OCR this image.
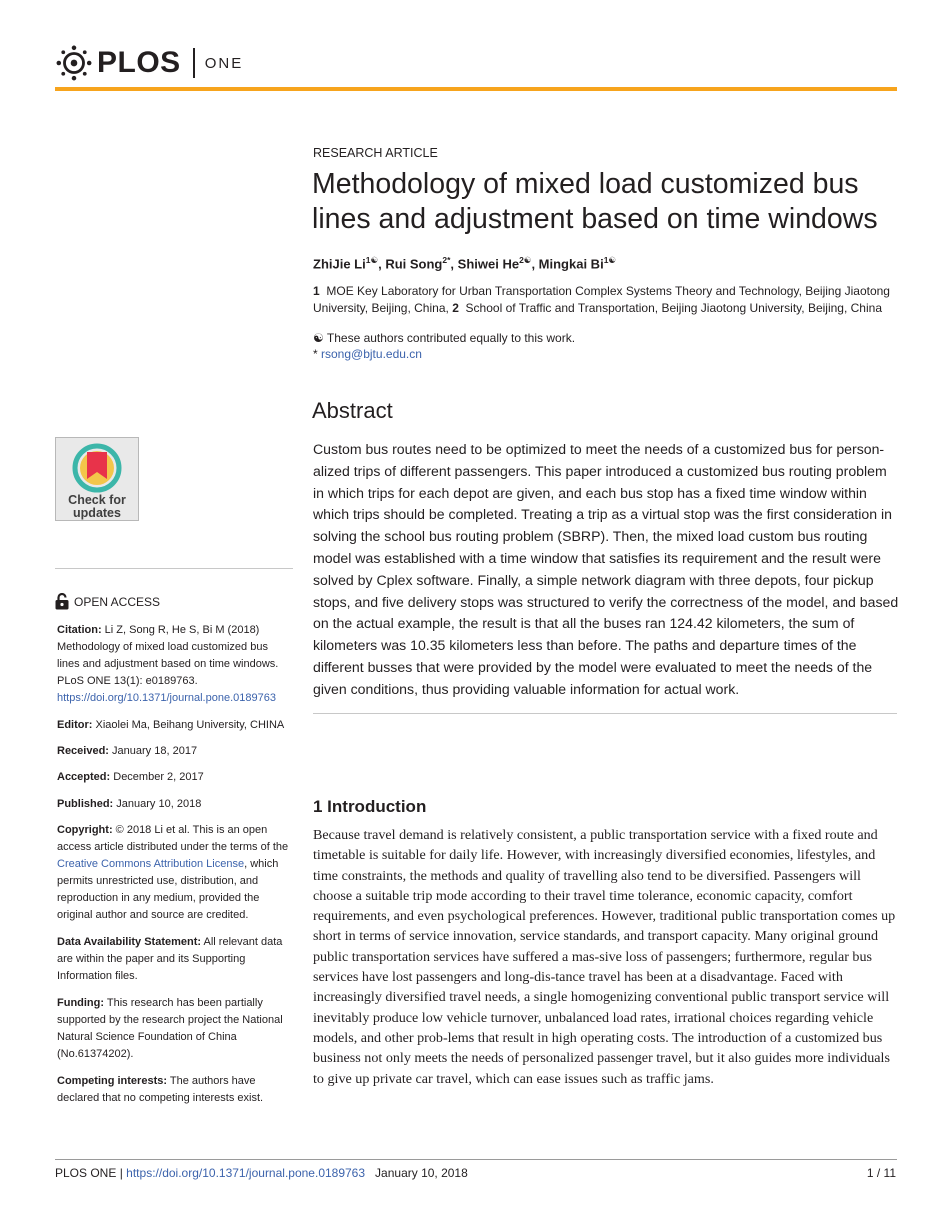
PLOS ONE
RESEARCH ARTICLE
Methodology of mixed load customized bus lines and adjustment based on time windows
ZhiJie $Li^{1☯}$, Rui Song$^{2*}$, Shiwei $He^{2☯}$, Mingkai $Bi^{1☯}$
1 MOE Key Laboratory for Urban Transportation Complex Systems Theory and Technology, Beijing Jiaotong University, Beijing, China, 2 School of Traffic and Transportation, Beijing Jiaotong University, Beijing, China
☯ These authors contributed equally to this work.
* rsong@bjtu.edu.cn
Abstract
Custom bus routes need to be optimized to meet the needs of a customized bus for person-alized trips of different passengers. This paper introduced a customized bus routing problem in which trips for each depot are given, and each bus stop has a fixed time window within which trips should be completed. Treating a trip as a virtual stop was the first consideration in solving the school bus routing problem (SBRP). Then, the mixed load custom bus routing model was established with a time window that satisfies its requirement and the result were solved by Cplex software. Finally, a simple network diagram with three depots, four pickup stops, and five delivery stops was structured to verify the correctness of the model, and based on the actual example, the result is that all the buses ran 124.42 kilometers, the sum of kilometers was 10.35 kilometers less than before. The paths and departure times of the different busses that were provided by the model were evaluated to meet the needs of the given conditions, thus providing valuable information for actual work.
1 Introduction
Because travel demand is relatively consistent, a public transportation service with a fixed route and timetable is suitable for daily life. However, with increasingly diversified economies, lifestyles, and time constraints, the methods and quality of travelling also tend to be diversified. Passengers will choose a suitable trip mode according to their travel time tolerance, economic capacity, comfort requirements, and even psychological preferences. However, traditional public transportation comes up short in terms of service innovation, service standards, and transport capacity. Many original ground public transportation services have suffered a mas-sive loss of passengers; furthermore, regular bus services have lost passengers and long-dis-tance travel has been at a disadvantage. Faced with increasingly diversified travel needs, a single homogenizing conventional public transport service will inevitably produce low vehicle turnover, unbalanced load rates, irrational choices regarding vehicle models, and other prob-lems that result in high operating costs. The introduction of a customized bus business not only meets the needs of personalized passenger travel, but it also guides more individuals to give up private car travel, which can ease issues such as traffic jams.
Check for
updates
OPEN ACCESS
Citation: Li Z, Song R, He S, Bi M (2018) Methodology of mixed load customized bus lines and adjustment based on time windows. PLoS ONE 13(1): e0189763. https://doi.org/10.1371/journal.pone.0189763
Editor: Xiaolei Ma, Beihang University, CHINA
Received: January 18, 2017
Accepted: December 2, 2017
Published: January 10, 2018
Copyright: © 2018 Li et al. This is an open access article distributed under the terms of the Creative Commons Attribution License, which permits unrestricted use, distribution, and reproduction in any medium, provided the original author and source are credited.
Data Availability Statement: All relevant data are within the paper and its Supporting Information files.
Funding: This research has been partially supported by the research project the National Natural Science Foundation of China (No.61374202).
Competing interests: The authors have declared that no competing interests exist.
PLOS ONE | https://doi.org/10.1371/journal.pone.0189763 January 10, 2018	1 / 11
